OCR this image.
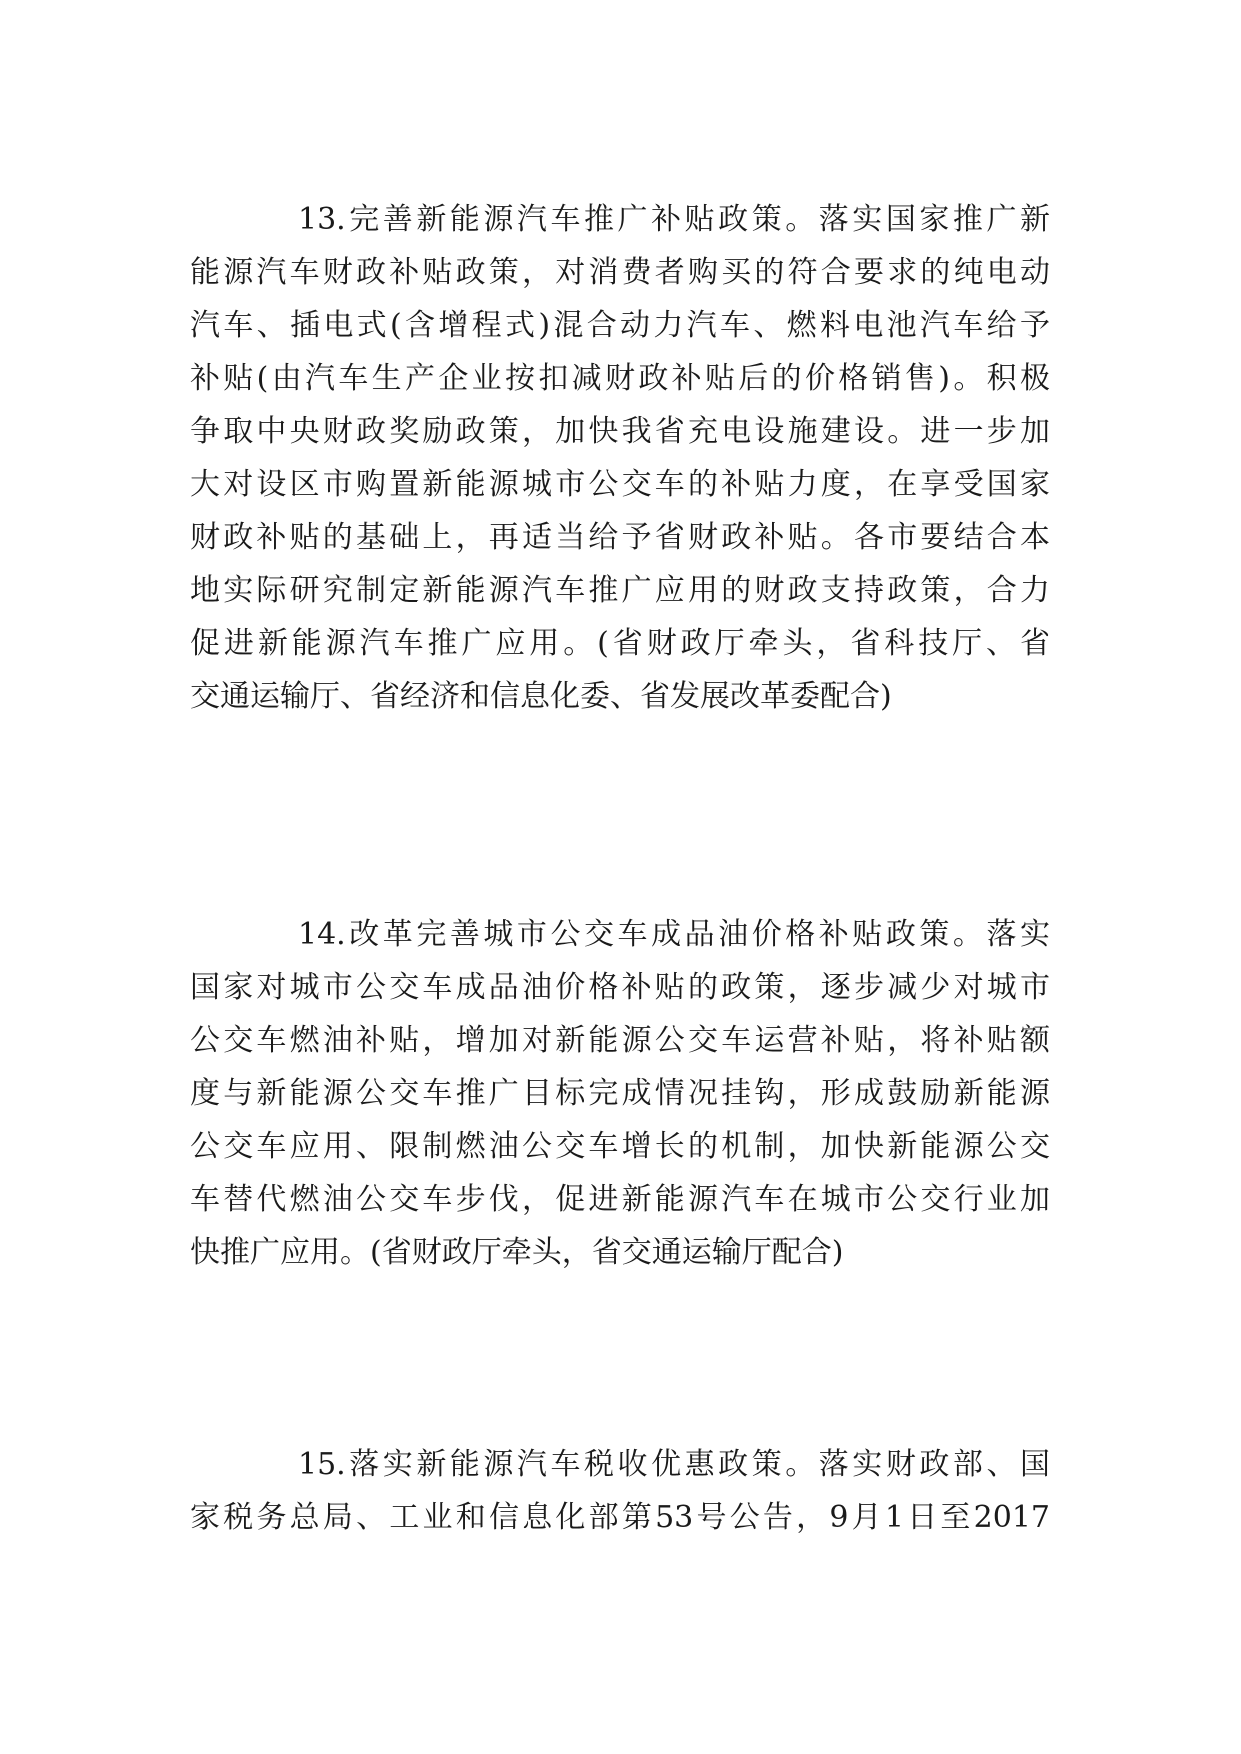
13.完善新能源汽车推广补贴政策。落实国家推广新
能源汽车财政补贴政策，对消费者购买的符合要求的纯电动
汽车、插电式(含增程式)混合动力汽车、燃料电池汽车给予
补贴(由汽车生产企业按扣减财政补贴后的价格销售)。积极
争取中央财政奖励政策，加快我省充电设施建设。进一步加
大对设区市购置新能源城市公交车的补贴力度，在享受国家
财政补贴的基础上，再适当给予省财政补贴。各市要结合本
地实际研究制定新能源汽车推广应用的财政支持政策，合力
促进新能源汽车推广应用。(省财政厅牵头，省科技厅、省
交通运输厅、省经济和信息化委、省发展改革委配合)
14.改革完善城市公交车成品油价格补贴政策。落实
国家对城市公交车成品油价格补贴的政策，逐步减少对城市
公交车燃油补贴，增加对新能源公交车运营补贴，将补贴额
度与新能源公交车推广目标完成情况挂钩，形成鼓励新能源
公交车应用、限制燃油公交车增长的机制，加快新能源公交
车替代燃油公交车步伐，促进新能源汽车在城市公交行业加
快推广应用。(省财政厅牵头，省交通运输厅配合)
15.落实新能源汽车税收优惠政策。落实财政部、国
家税务总局、工业和信息化部第53号公告，9月1日至2017
